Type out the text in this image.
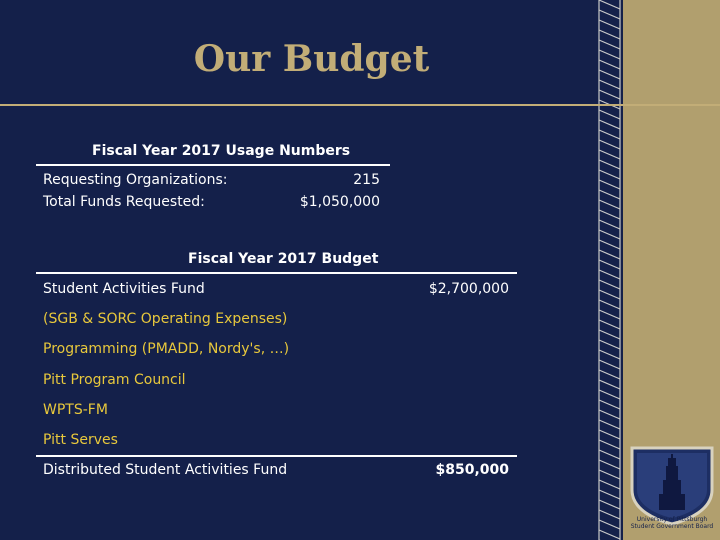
Our Budget
Fiscal Year 2017 Usage Numbers
Requesting Organizations:	215
Total Funds Requested:	$1,050,000
Fiscal Year 2017 Budget
Student Activities Fund	$2,700,000
(SGB & SORC Operating Expenses)
Programming (PMADD, Nordy's, …)
Pitt Program Council
WPTS-FM
Pitt Serves
Distributed Student Activities Fund	$850,000
University of Pittsburgh
Student Government Board
